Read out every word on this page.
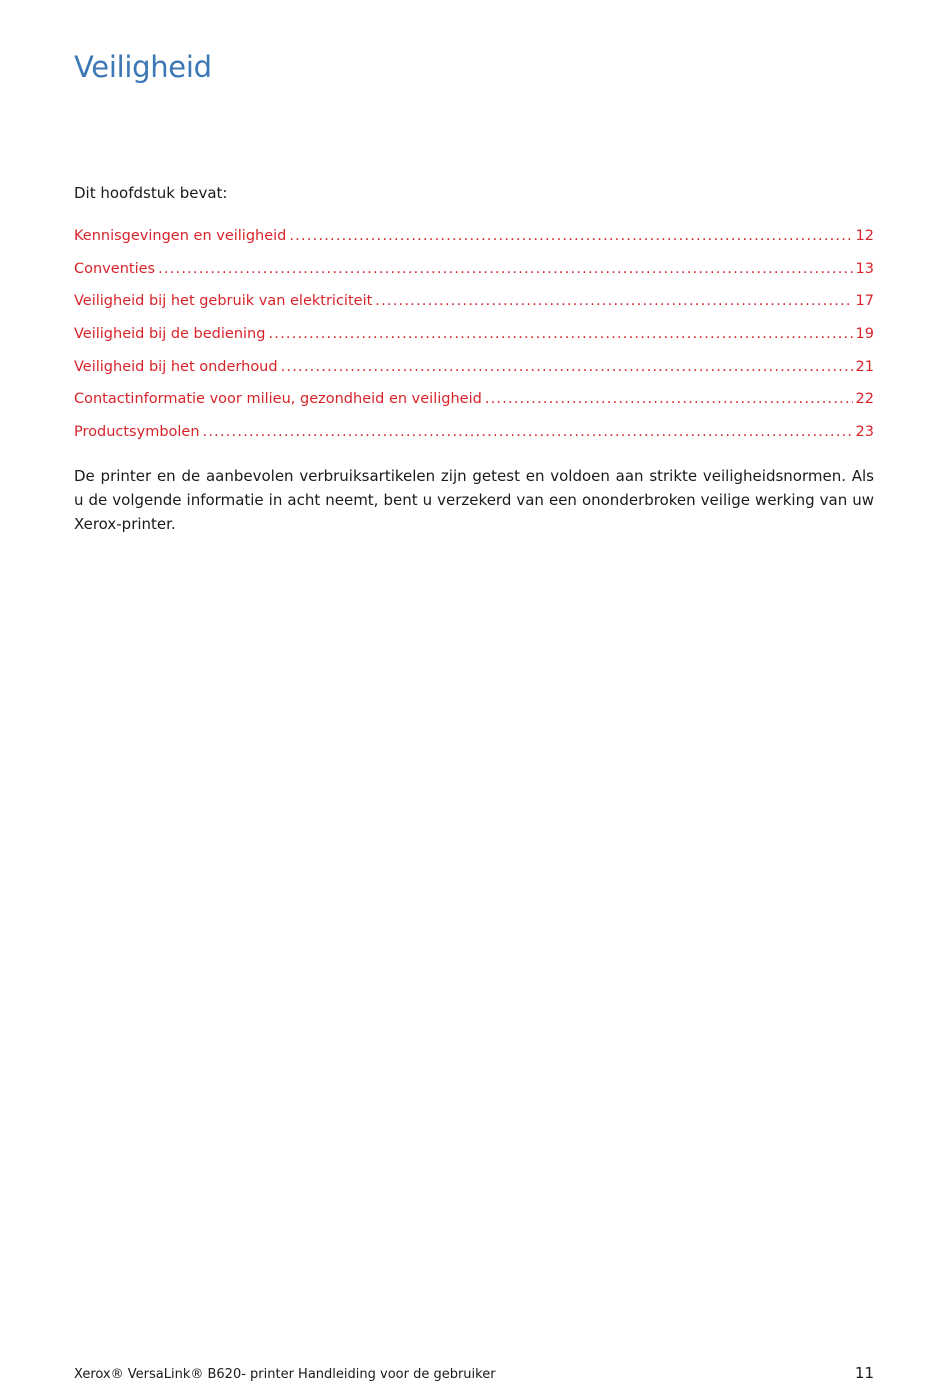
Veiligheid

Dit hoofdstuk bevat:

Kennisgevingen en veiligheid .....	12
Conventies .....	13
Veiligheid bij het gebruik van elektriciteit .....	17
Veiligheid bij de bediening .....	19
Veiligheid bij het onderhoud .....	21
Contactinformatie voor milieu, gezondheid en veiligheid .....	22
Productsymbolen .....	23

De printer en de aanbevolen verbruiksartikelen zijn getest en voldoen aan strikte veiligheidsnormen. Als u de volgende informatie in acht neemt, bent u verzekerd van een ononderbroken veilige werking van uw Xerox-printer.

Xerox® VersaLink® B620- printer Handleiding voor de gebruiker	11
